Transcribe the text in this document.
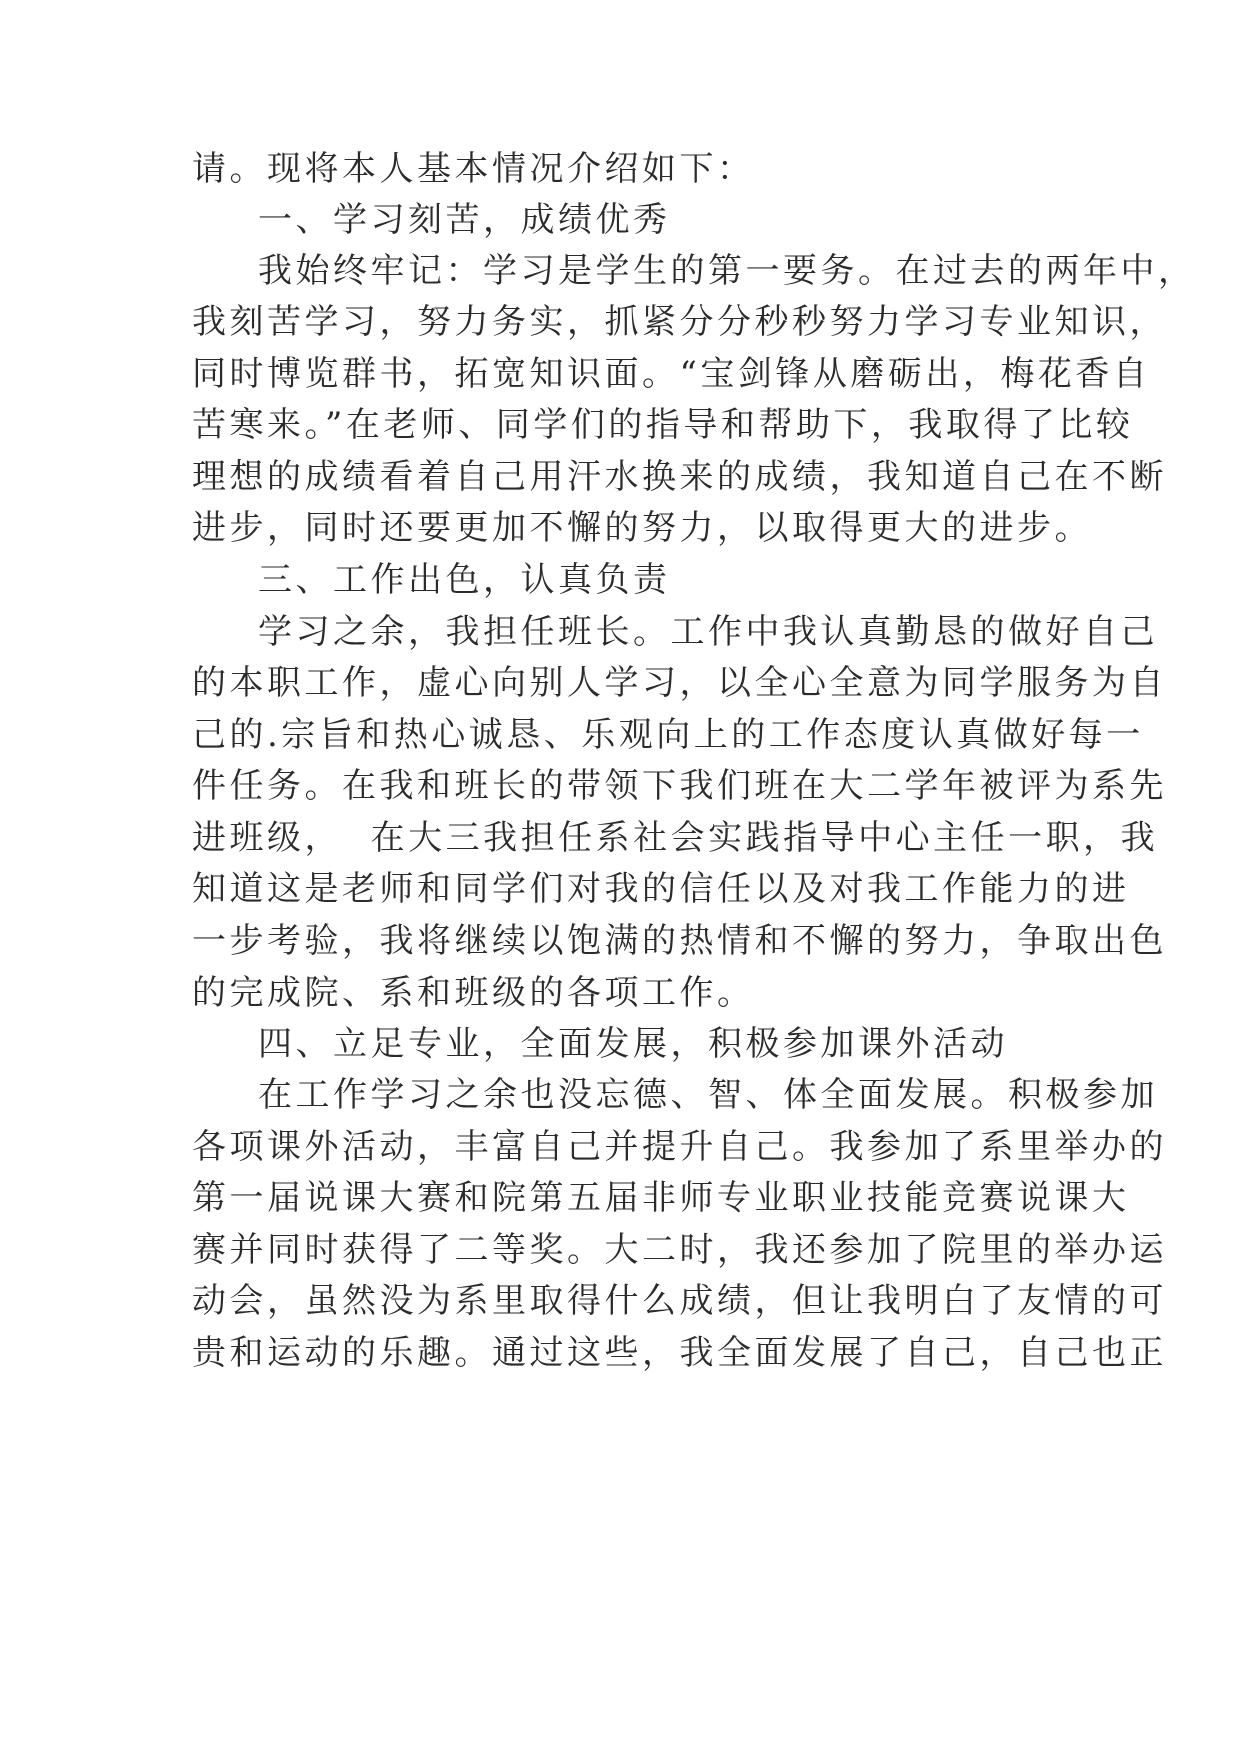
请。现将本人基本情况介绍如下：
一、学习刻苦，成绩优秀
我始终牢记：学习是学生的第一要务。在过去的两年中，
我刻苦学习，努力务实，抓紧分分秒秒努力学习专业知识，
同时博览群书，拓宽知识面。“宝剑锋从磨砺出，梅花香自
苦寒来。”在老师、同学们的指导和帮助下，我取得了比较
理想的成绩看着自己用汗水换来的成绩，我知道自己在不断
进步，同时还要更加不懈的努力，以取得更大的进步。
三、工作出色，认真负责
学习之余，我担任班长。工作中我认真勤恳的做好自己
的本职工作，虚心向别人学习，以全心全意为同学服务为自
己的.宗旨和热心诚恳、乐观向上的工作态度认真做好每一
件任务。在我和班长的带领下我们班在大二学年被评为系先
进班级，  在大三我担任系社会实践指导中心主任一职，我
知道这是老师和同学们对我的信任以及对我工作能力的进
一步考验，我将继续以饱满的热情和不懈的努力，争取出色
的完成院、系和班级的各项工作。
四、立足专业，全面发展，积极参加课外活动
在工作学习之余也没忘德、智、体全面发展。积极参加
各项课外活动，丰富自己并提升自己。我参加了系里举办的
第一届说课大赛和院第五届非师专业职业技能竞赛说课大
赛并同时获得了二等奖。大二时，我还参加了院里的举办运
动会，虽然没为系里取得什么成绩，但让我明白了友情的可
贵和运动的乐趣。通过这些，我全面发展了自己，自己也正
